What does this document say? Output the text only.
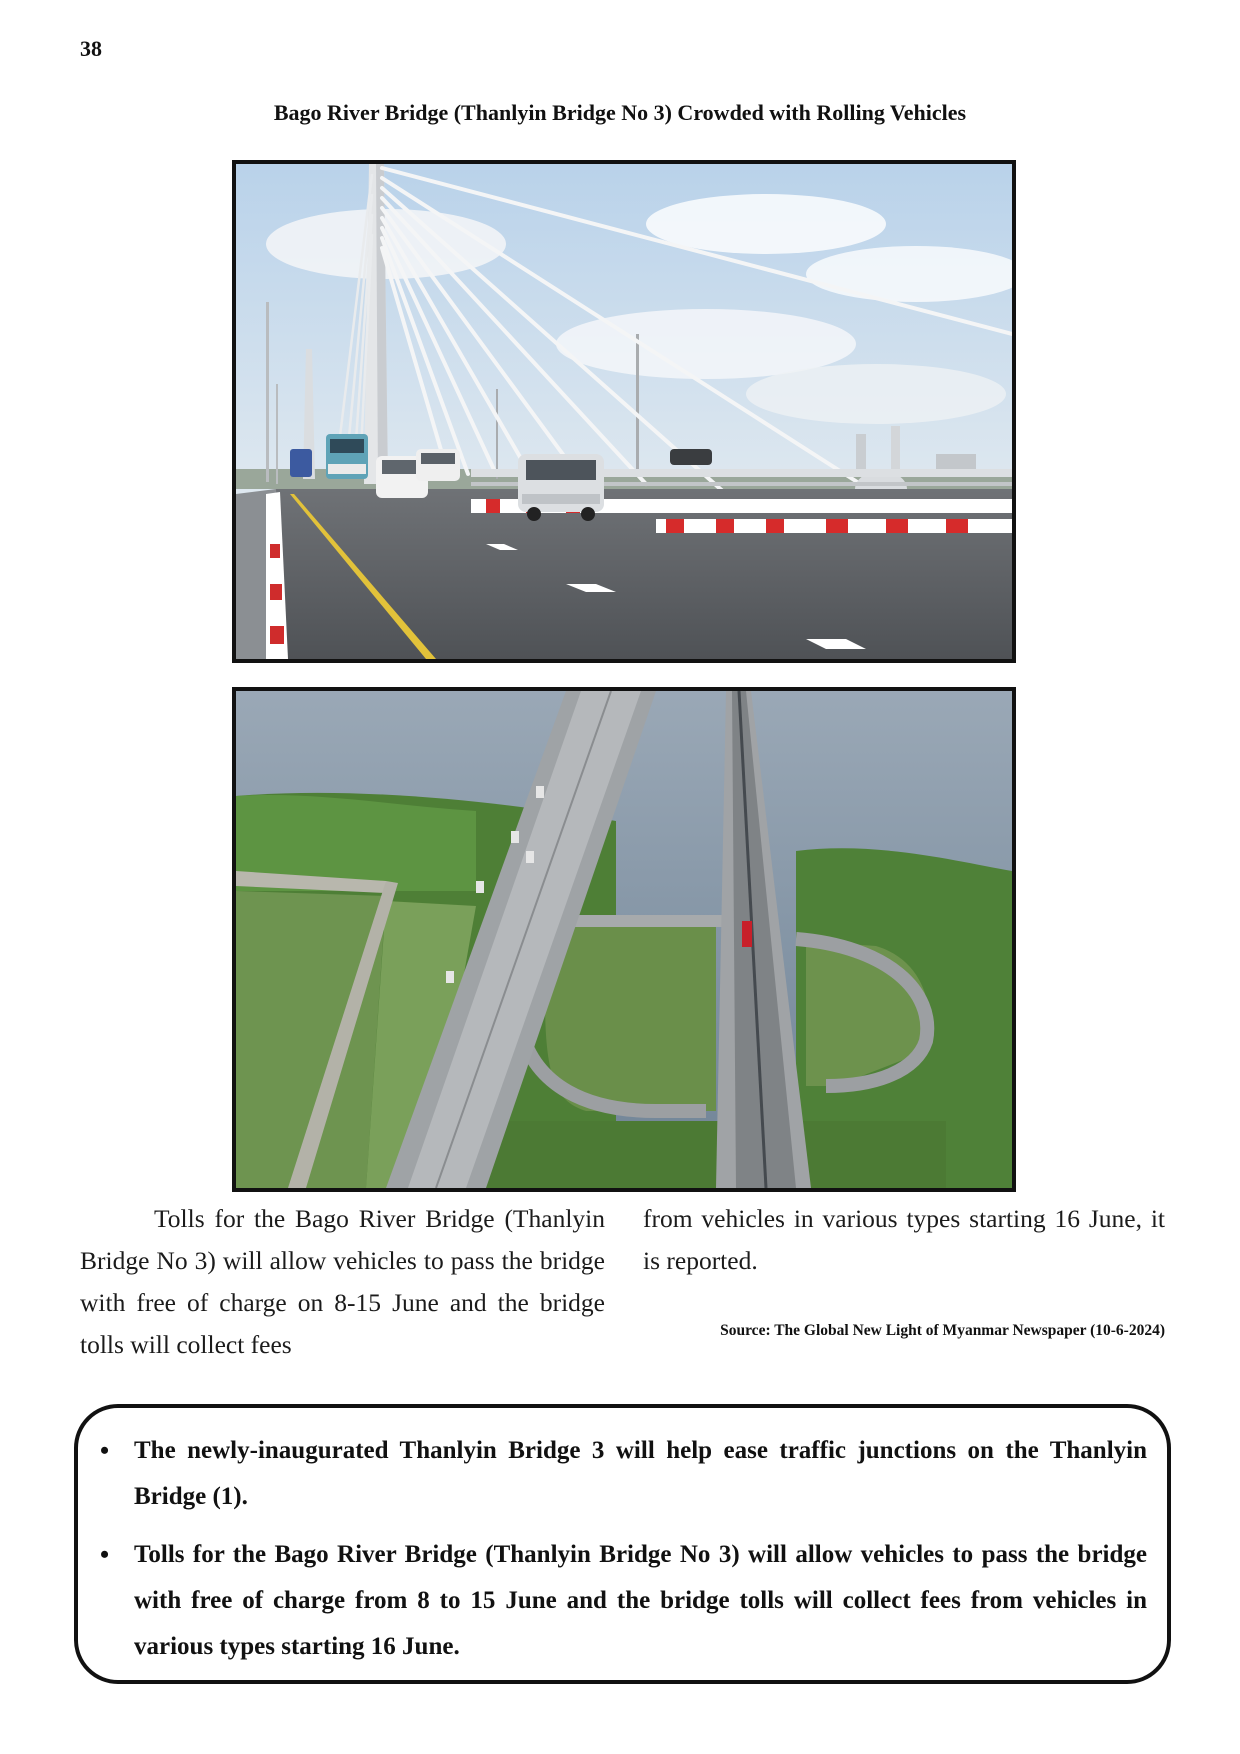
38
Bago River Bridge (Thanlyin Bridge No 3) Crowded with Rolling Vehicles

Tolls for the Bago River Bridge (Thanlyin Bridge No 3) will allow vehicles to pass the bridge with free of charge on 8-15 June and the bridge tolls will collect fees

from vehicles in various types starting 16 June, it is reported.

Source: The Global New Light of Myanmar Newspaper (10-6-2024)
• The newly-inaugurated Thanlyin Bridge 3 will help ease traffic junctions on the Thanlyin Bridge (1).
• Tolls for the Bago River Bridge (Thanlyin Bridge No 3) will allow vehicles to pass the bridge with free of charge from 8 to 15 June and the bridge tolls will collect fees from vehicles in various types starting 16 June.
